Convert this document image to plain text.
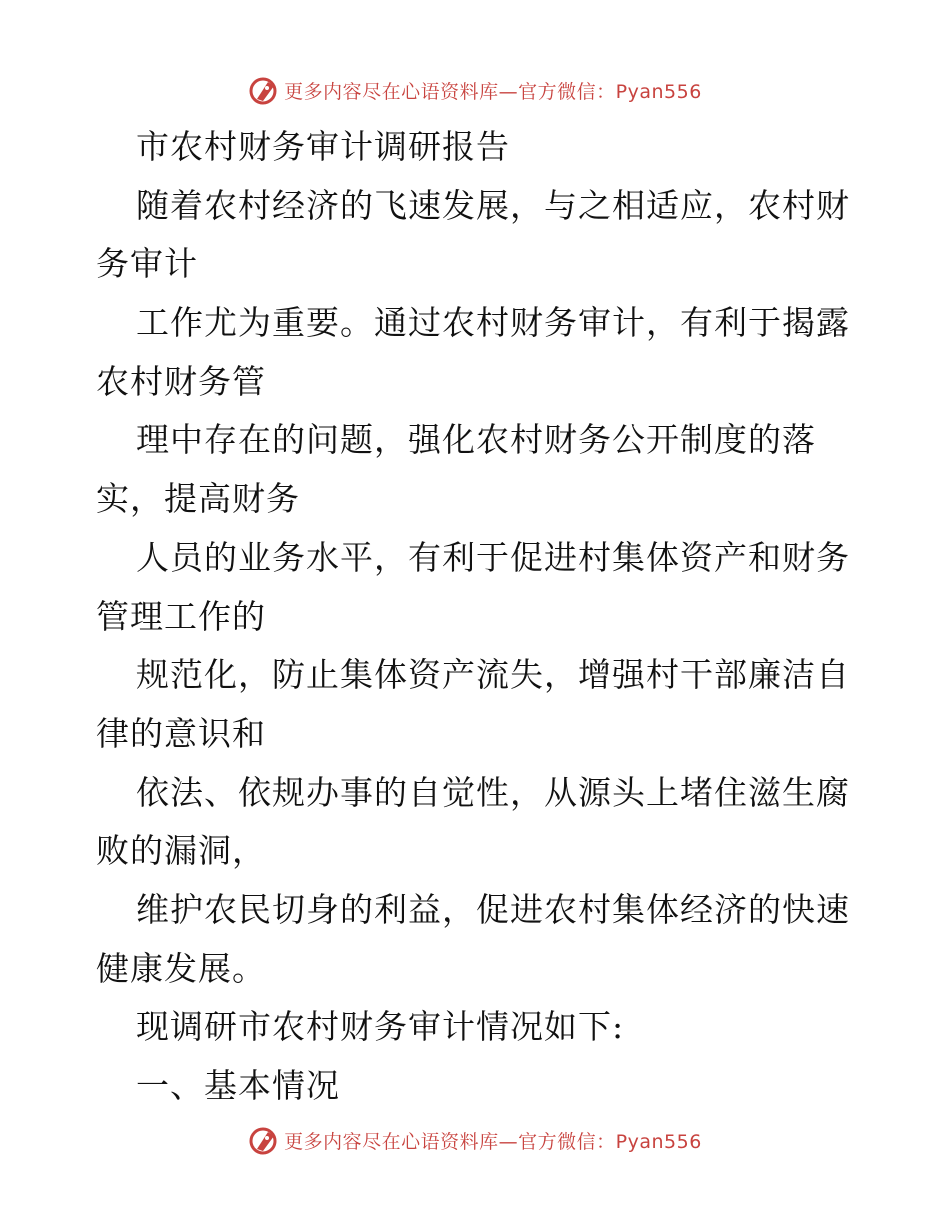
更多内容尽在心语资料库—官方微信：Pyan556
市农村财务审计调研报告
随着农村经济的飞速发展，与之相适应，农村财
务审计
工作尤为重要。通过农村财务审计，有利于揭露
农村财务管
理中存在的问题，强化农村财务公开制度的落
实，提高财务
人员的业务水平，有利于促进村集体资产和财务
管理工作的
规范化，防止集体资产流失，增强村干部廉洁自
律的意识和
依法、依规办事的自觉性，从源头上堵住滋生腐
败的漏洞，
维护农民切身的利益，促进农村集体经济的快速
健康发展。
现调研市农村财务审计情况如下:
一、基本情况
更多内容尽在心语资料库—官方微信：Pyan556
